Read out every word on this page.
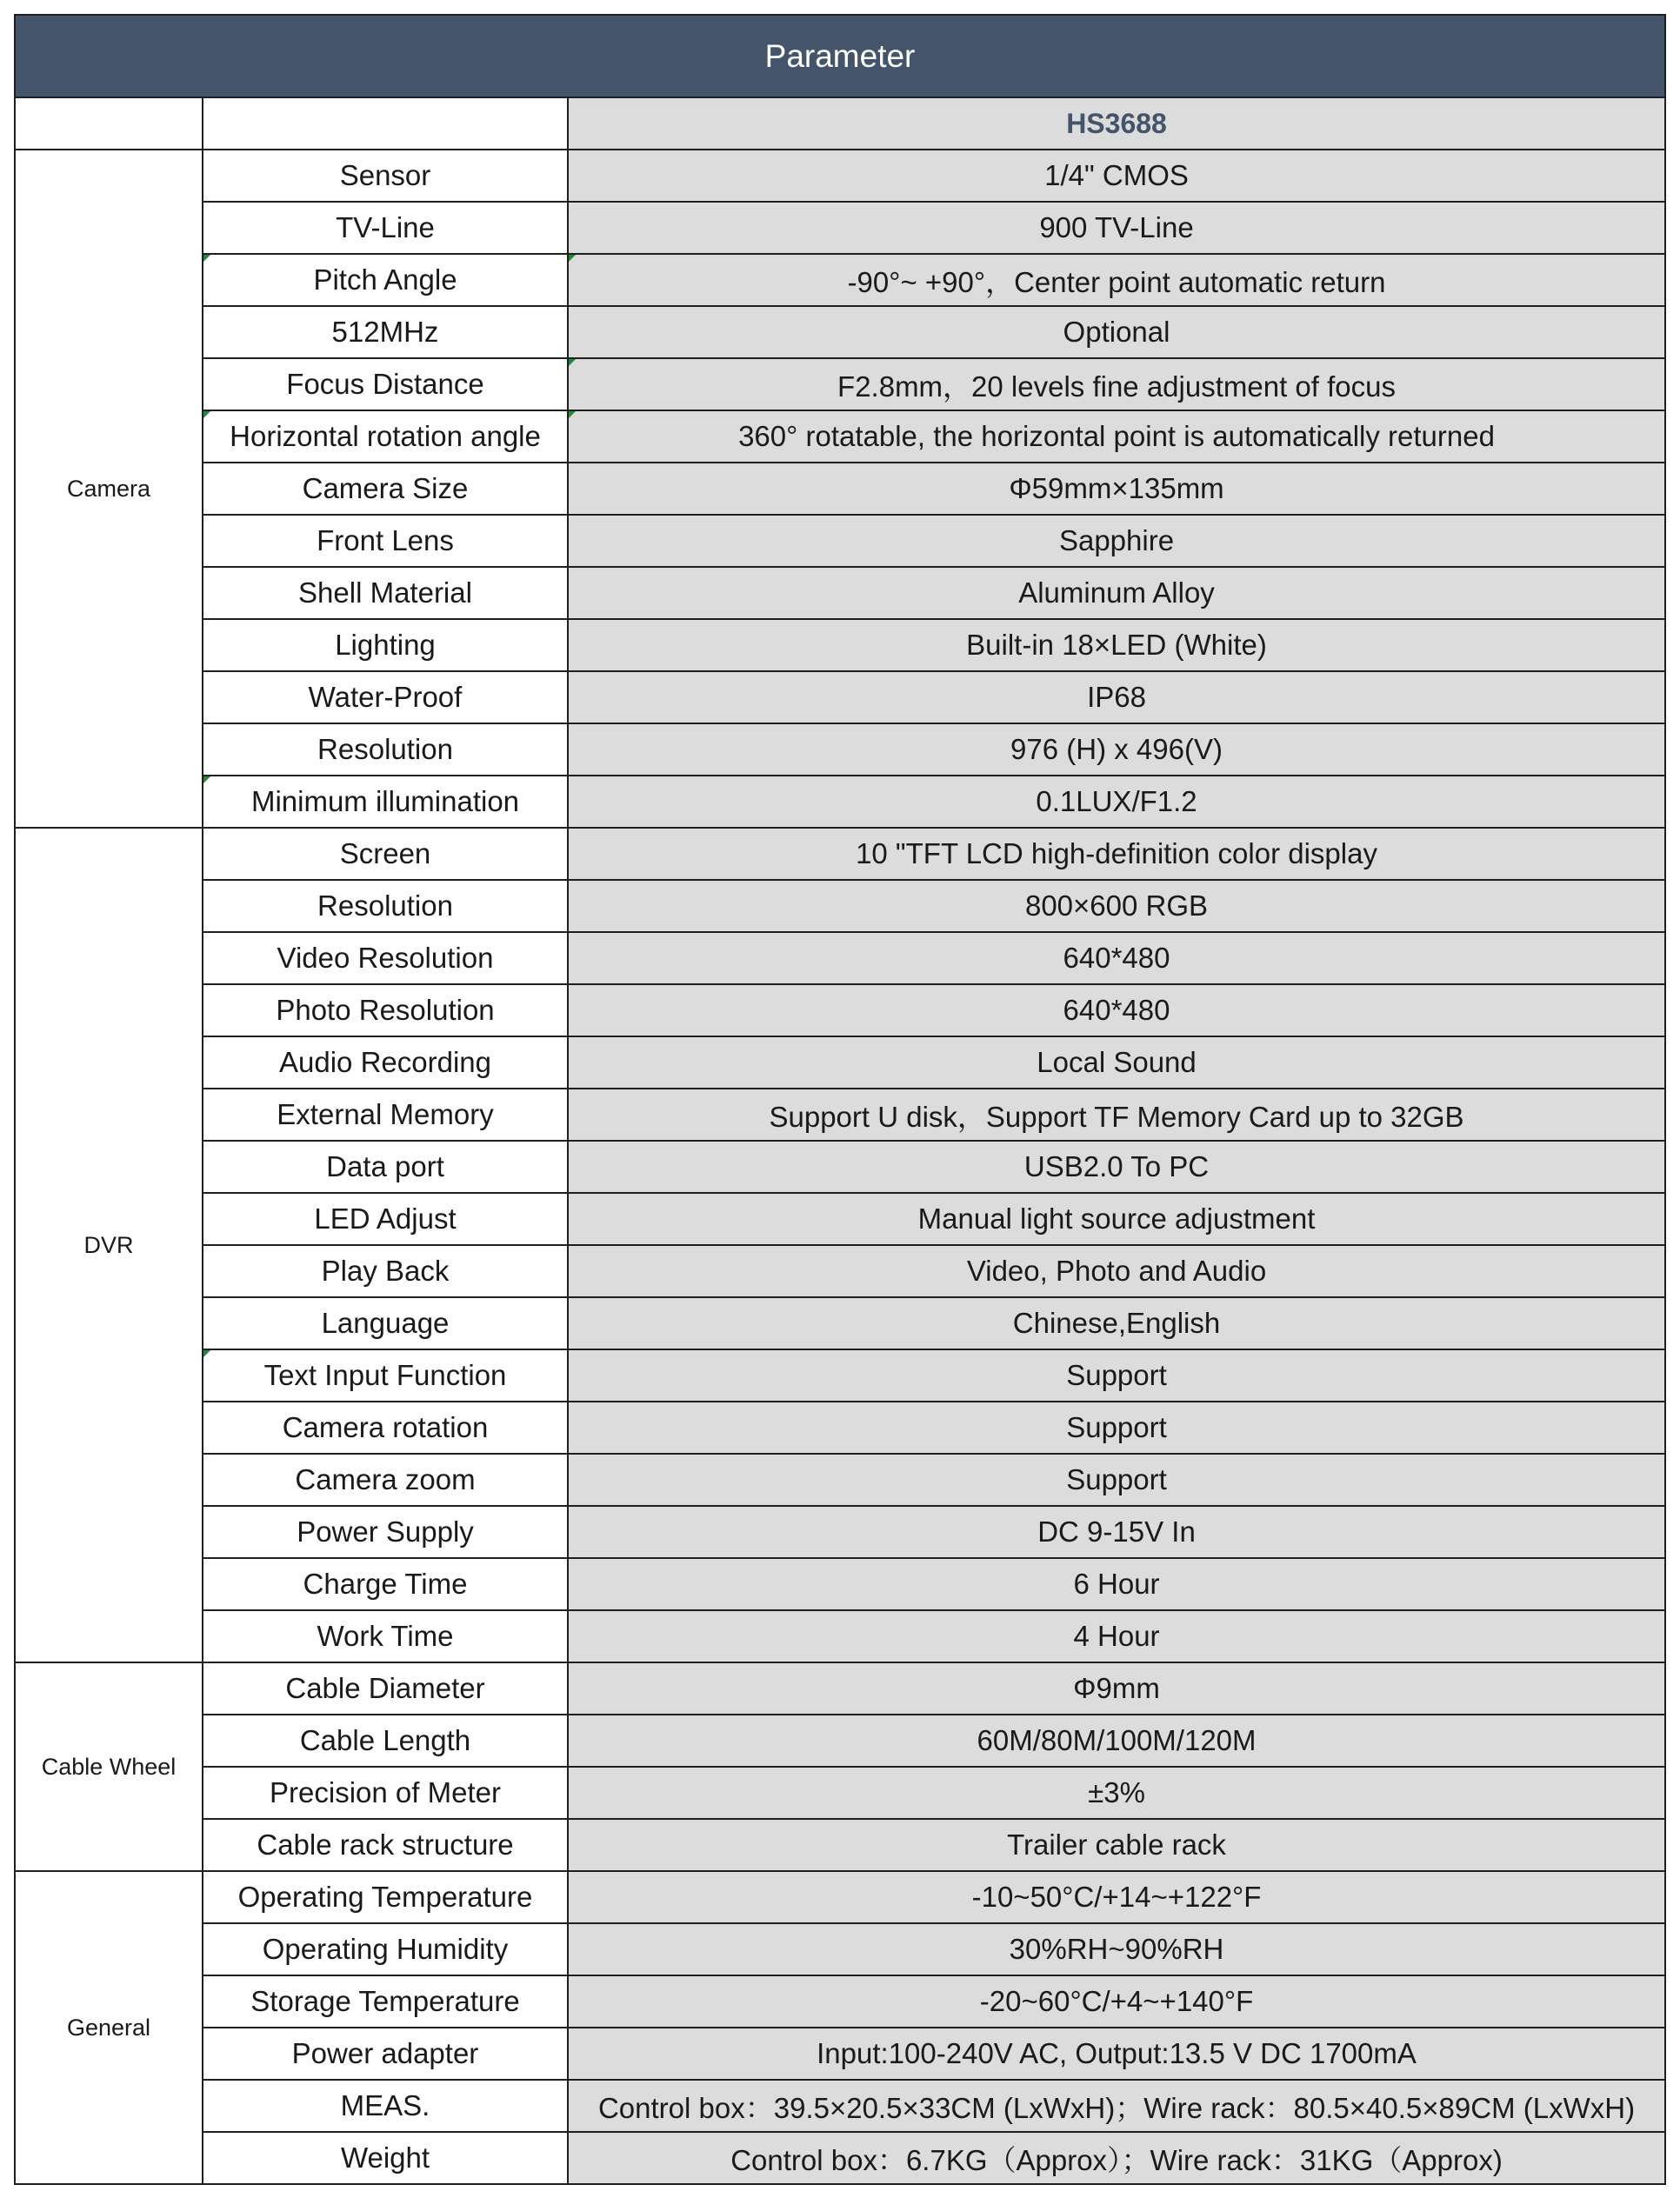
Parameter		
		HS3688
Camera	Sensor	1/4" CMOS
	TV-Line	900 TV-Line
	Pitch Angle	-90°~ +90°，Center point automatic return

	512MHz	Optional
	Focus Distance	F2.8mm，20 levels fine adjustment of focus

	Horizontal rotation angle	360° rotatable, the horizontal point is automatically returned

	Camera Size	Φ59mm×135mm
	Front Lens	Sapphire
	Shell Material	Aluminum Alloy
	Lighting	Built-in 18×LED (White)
	Water-Proof	IP68
	Resolution	976 (H) x 496(V)
	Minimum illumination	0.1LUX/F1.2
DVR	Screen	10 "TFT LCD high-definition color display
	Resolution	800×600 RGB
	Video Resolution	640*480
	Photo Resolution	640*480
	Audio Recording	Local Sound
	External Memory	Support U disk，Support TF Memory Card up to 32GB
	Data port	USB2.0 To PC
	LED Adjust	Manual light source adjustment
	Play Back	Video, Photo and Audio
	Language	Chinese,English
	Text Input Function	Support
	Camera rotation	Support
	Camera zoom	Support
	Power Supply	DC 9-15V In
	Charge Time	6 Hour
	Work Time	4 Hour
Cable Wheel	Cable Diameter	Φ9mm
	Cable Length	60M/80M/100M/120M
	Precision of Meter	±3%
	Cable rack structure	Trailer cable rack
General	Operating Temperature	-10~50°C/+14~+122°F
	Operating Humidity	30%RH~90%RH
	Storage Temperature	-20~60°C/+4~+140°F
	Power adapter	Input:100-240V AC, Output:13.5 V DC 1700mA
	MEAS.	Control box：39.5×20.5×33CM (LxWxH)；Wire rack：80.5×40.5×89CM (LxWxH)
	Weight	Control box：6.7KG（Approx）；Wire rack：31KG（Approx)
